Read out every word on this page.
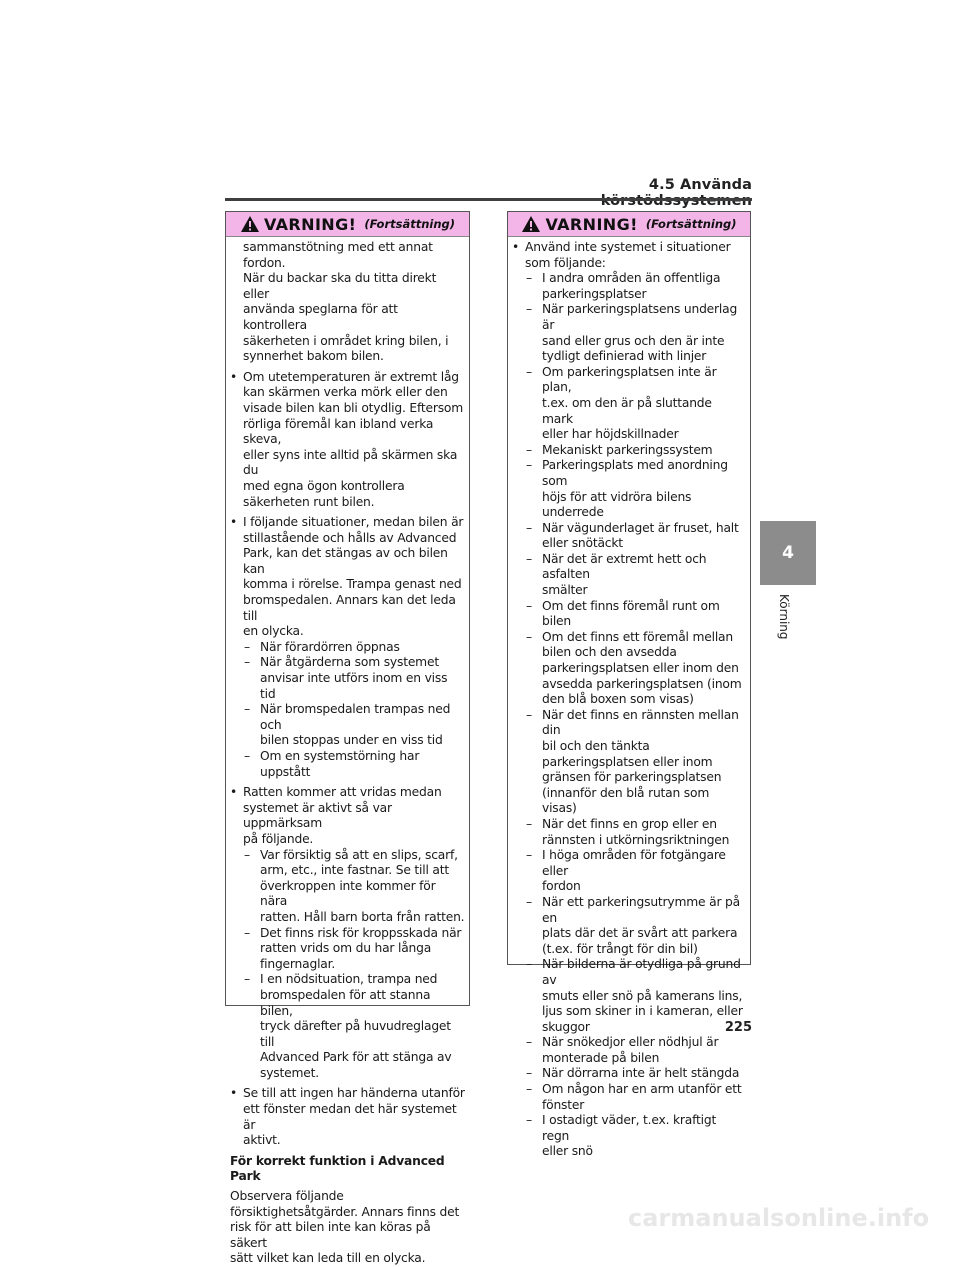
4.5 Använda körstödssystemen
VARNING! (Fortsättning)
sammanstötning med ett annat fordon.
När du backar ska du titta direkt eller
använda speglarna för att kontrollera
säkerheten i området kring bilen, i
synnerhet bakom bilen.
• Om utetemperaturen är extremt låg
kan skärmen verka mörk eller den
visade bilen kan bli otydlig. Eftersom
rörliga föremål kan ibland verka skeva,
eller syns inte alltid på skärmen ska du
med egna ögon kontrollera
säkerheten runt bilen.
• I följande situationer, medan bilen är
stillastående och hålls av Advanced
Park, kan det stängas av och bilen kan
komma i rörelse. Trampa genast ned
bromspedalen. Annars kan det leda till
en olycka.
– När förardörren öppnas
– När åtgärderna som systemet
anvisar inte utförs inom en viss tid
– När bromspedalen trampas ned och
bilen stoppas under en viss tid
– Om en systemstörning har uppstått
• Ratten kommer att vridas medan
systemet är aktivt så var uppmärksam
på följande.
– Var försiktig så att en slips, scarf,
arm, etc., inte fastnar. Se till att
överkroppen inte kommer för nära
ratten. Håll barn borta från ratten.
– Det finns risk för kroppsskada när
ratten vrids om du har långa
fingernaglar.
– I en nödsituation, trampa ned
bromspedalen för att stanna bilen,
tryck därefter på huvudreglaget till
Advanced Park för att stänga av
systemet.
• Se till att ingen har händerna utanför
ett fönster medan det här systemet är
aktivt.
För korrekt funktion i Advanced Park
Observera följande
försiktighetsåtgärder. Annars finns det
risk för att bilen inte kan köras på säkert
sätt vilket kan leda till en olycka.
VARNING! (Fortsättning)
• Använd inte systemet i situationer
som följande:
– I andra områden än offentliga
parkeringsplatser
– När parkeringsplatsens underlag är
sand eller grus och den är inte
tydligt definierad with linjer
– Om parkeringsplatsen inte är plan,
t.ex. om den är på sluttande mark
eller har höjdskillnader
– Mekaniskt parkeringssystem
– Parkeringsplats med anordning som
höjs för att vidröra bilens underrede
– När vägunderlaget är fruset, halt
eller snötäckt
– När det är extremt hett och asfalten
smälter
– Om det finns föremål runt om bilen
– Om det finns ett föremål mellan
bilen och den avsedda
parkeringsplatsen eller inom den
avsedda parkeringsplatsen (inom
den blå boxen som visas)
– När det finns en rännsten mellan din
bil och den tänkta
parkeringsplatsen eller inom
gränsen för parkeringsplatsen
(innanför den blå rutan som visas)
– När det finns en grop eller en
rännsten i utkörningsriktningen
– I höga områden för fotgängare eller
fordon
– När ett parkeringsutrymme är på en
plats där det är svårt att parkera
(t.ex. för trångt för din bil)
– När bilderna är otydliga på grund av
smuts eller snö på kamerans lins,
ljus som skiner in i kameran, eller
skuggor
– När snökedjor eller nödhjul är
monterade på bilen
– När dörrarna inte är helt stängda
– Om någon har en arm utanför ett
fönster
– I ostadigt väder, t.ex. kraftigt regn
eller snö
4
Körning
225
carmanualsonline.info
